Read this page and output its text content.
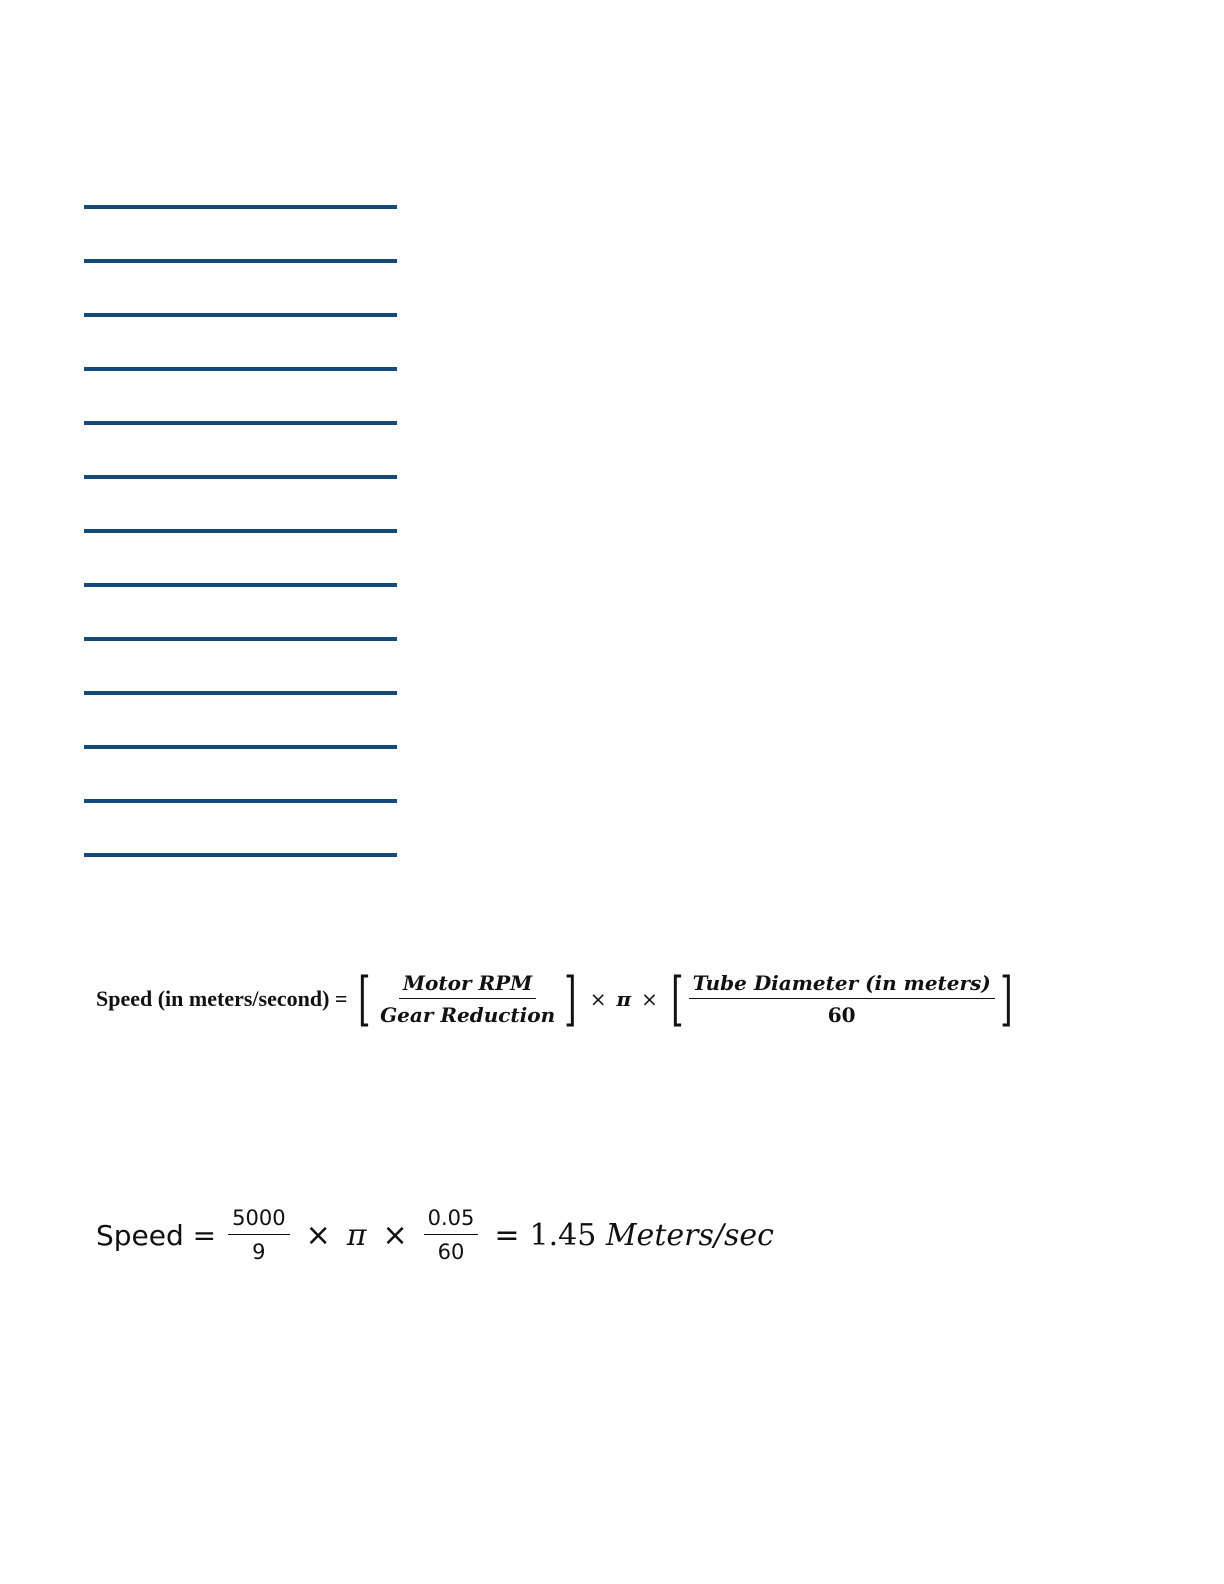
Speed (in meters/second) = [ $\frac{\text{Motor RPM}}{\text{Gear Reduction}}$ ] × π × [ $\frac{\text{Tube Diameter (in meters)}}{60}$ ]
Speed = $\frac{5000}{9} \times \pi \times \frac{0.05}{60} = 1.45$ Meters/sec
